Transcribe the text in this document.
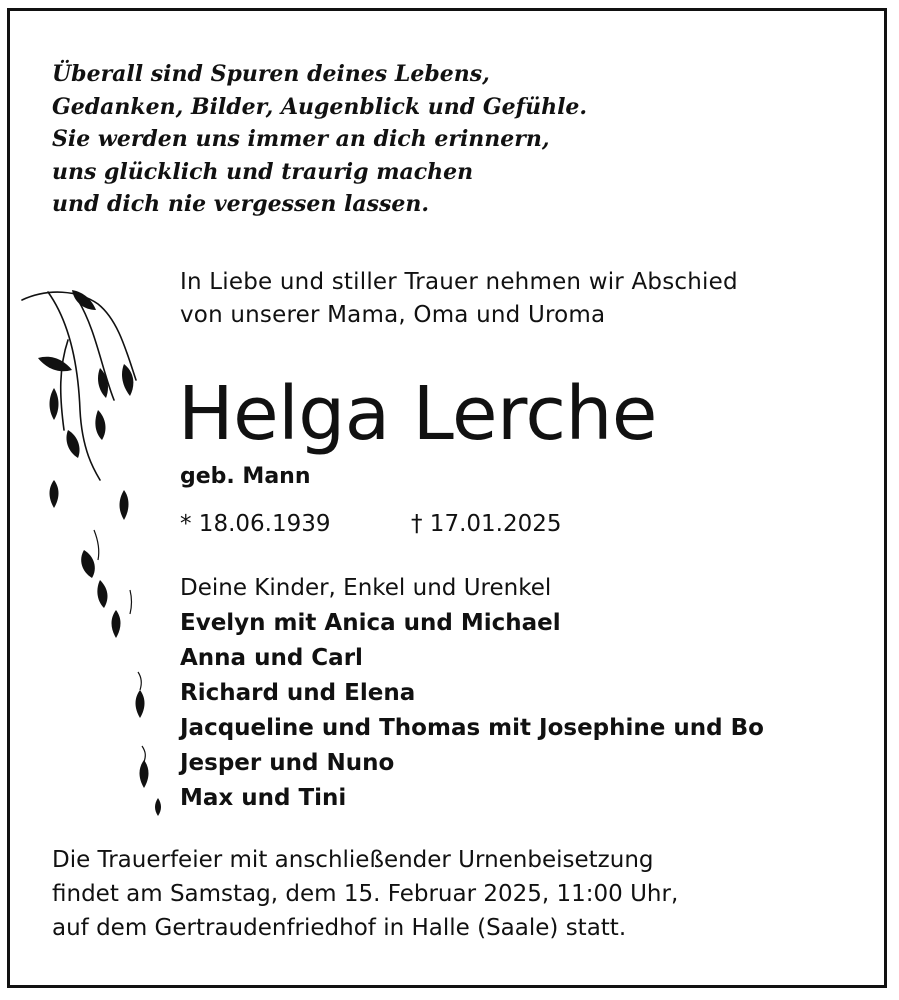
Überall sind Spuren deines Lebens,
Gedanken, Bilder, Augenblick und Gefühle.
Sie werden uns immer an dich erinnern,
uns glücklich und traurig machen
und dich nie vergessen lassen.
In Liebe und stiller Trauer nehmen wir Abschied
von unserer Mama, Oma und Uroma
Helga Lerche
geb. Mann
* 18.06.1939	† 17.01.2025
Deine Kinder, Enkel und Urenkel
Evelyn mit Anica und Michael
Anna und Carl
Richard und Elena
Jacqueline und Thomas mit Josephine und Bo
Jesper und Nuno
Max und Tini
Die Trauerfeier mit anschließender Urnenbeisetzung
findet am Samstag, dem 15. Februar 2025, 11:00 Uhr,
auf dem Gertraudenfriedhof in Halle (Saale) statt.
